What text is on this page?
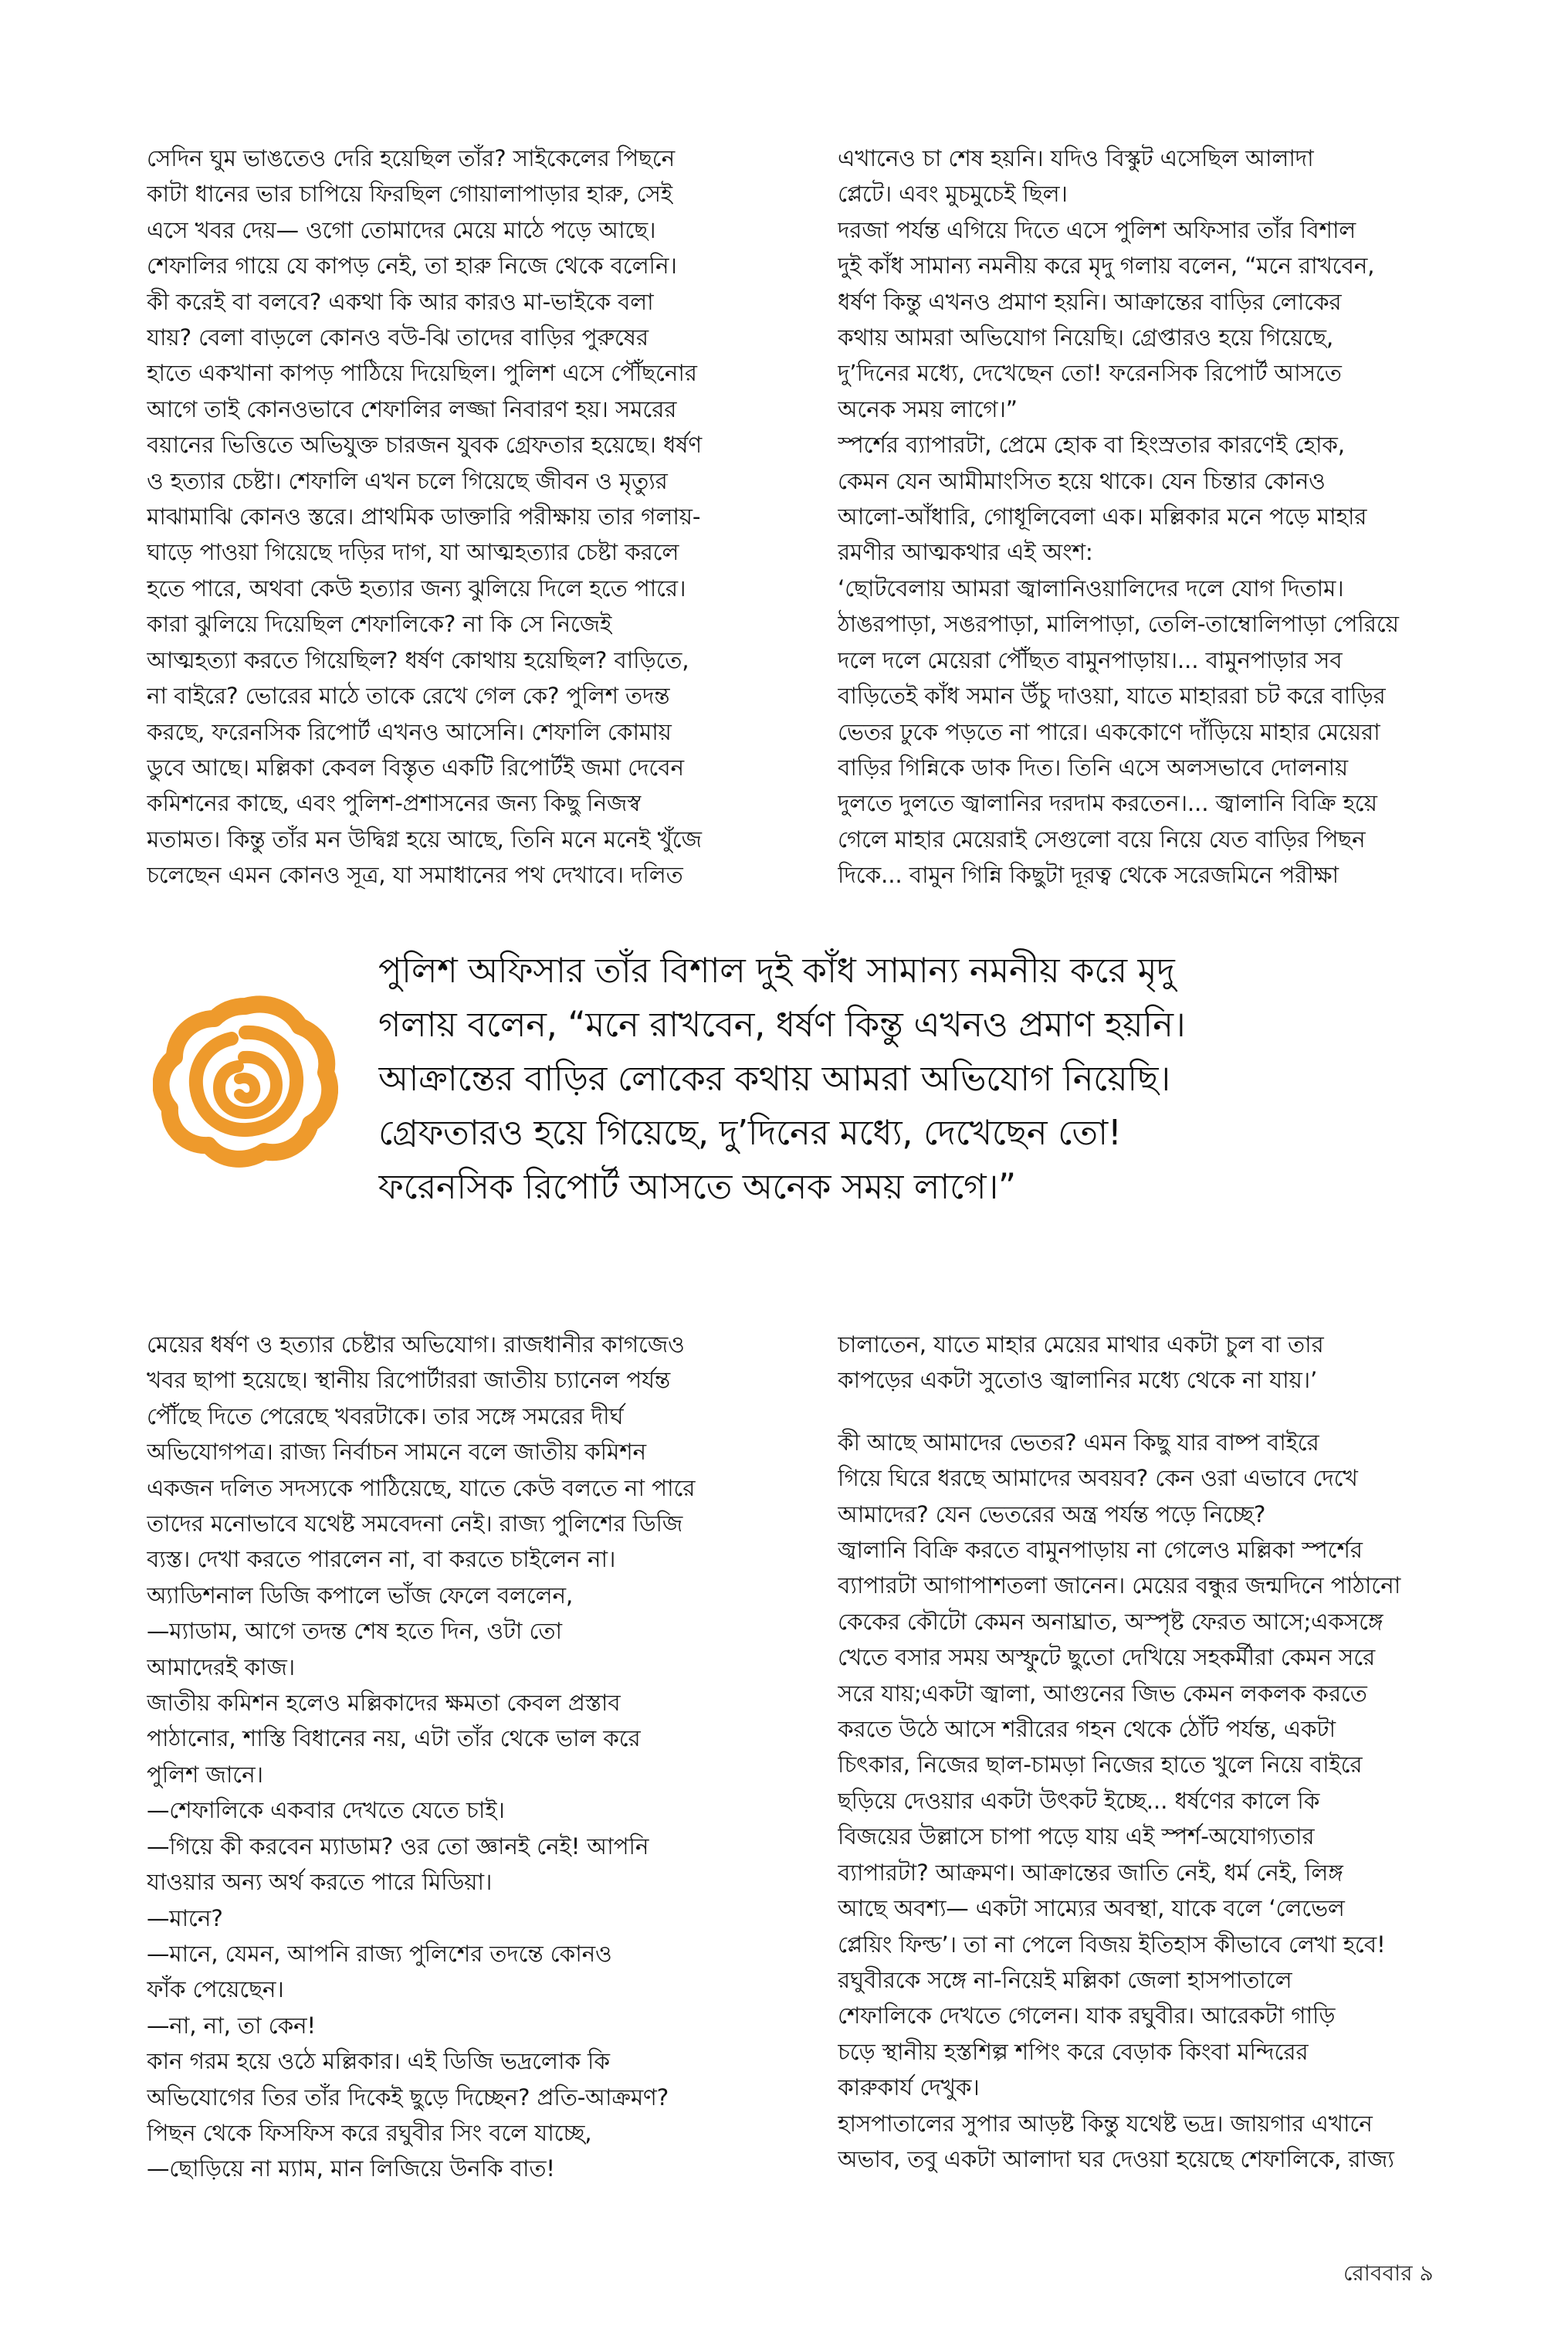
সেদিন ঘুম ভাঙতেও দেরি হয়েছিল তাঁর? সাইকেলের পিছনে

কাটা ধানের ভার চাপিয়ে ফিরছিল গোয়ালাপাড়ার হারু, সেই

এসে খবর দেয়— ওগো তোমাদের মেয়ে মাঠে পড়ে আছে।

শেফালির গায়ে যে কাপড় নেই, তা হারু নিজে থেকে বলেনি।

কী করেই বা বলবে? একথা কি আর কারও মা-ভাইকে বলা

যায়? বেলা বাড়লে কোনও বউ-ঝি তাদের বাড়ির পুরুষের

হাতে একখানা কাপড় পাঠিয়ে দিয়েছিল। পুলিশ এসে পৌঁছনোর

আগে তাই কোনওভাবে শেফালির লজ্জা নিবারণ হয়। সমরের

বয়ানের ভিত্তিতে অভিযুক্ত চারজন যুবক গ্রেফতার হয়েছে। ধর্ষণ

ও হত্যার চেষ্টা। শেফালি এখন চলে গিয়েছে জীবন ও মৃত্যুর

মাঝামাঝি কোনও স্তরে। প্রাথমিক ডাক্তারি পরীক্ষায় তার গলায়-

ঘাড়ে পাওয়া গিয়েছে দড়ির দাগ, যা আত্মহত্যার চেষ্টা করলে

হতে পারে, অথবা কেউ হত্যার জন্য ঝুলিয়ে দিলে হতে পারে।

কারা ঝুলিয়ে দিয়েছিল শেফালিকে? না কি সে নিজেই

আত্মহত্যা করতে গিয়েছিল? ধর্ষণ কোথায় হয়েছিল? বাড়িতে,

না বাইরে? ভোরের মাঠে তাকে রেখে গেল কে? পুলিশ তদন্ত

করছে, ফরেনসিক রিপোর্ট এখনও আসেনি। শেফালি কোমায়

ডুবে আছে। মল্লিকা কেবল বিস্তৃত একটি রিপোর্টই জমা দেবেন

কমিশনের কাছে, এবং পুলিশ-প্রশাসনের জন্য কিছু নিজস্ব

মতামত। কিন্তু তাঁর মন উদ্বিগ্ন হয়ে আছে, তিনি মনে মনেই খুঁজে

চলেছেন এমন কোনও সূত্র, যা সমাধানের পথ দেখাবে। দলিত

এখানেও চা শেষ হয়নি। যদিও বিস্কুট এসেছিল আলাদা

প্লেটে। এবং মুচমুচেই ছিল।

দরজা পর্যন্ত এগিয়ে দিতে এসে পুলিশ অফিসার তাঁর বিশাল

দুই কাঁধ সামান্য নমনীয় করে মৃদু গলায় বলেন, “মনে রাখবেন,

ধর্ষণ কিন্তু এখনও প্রমাণ হয়নি। আক্রান্তের বাড়ির লোকের

কথায় আমরা অভিযোগ নিয়েছি। গ্রেপ্তারও হয়ে গিয়েছে,

দু’দিনের মধ্যে, দেখেছেন তো! ফরেনসিক রিপোর্ট আসতে

অনেক সময় লাগে।”

স্পর্শের ব্যাপারটা, প্রেমে হোক বা হিংস্রতার কারণেই হোক,

কেমন যেন আমীমাংসিত হয়ে থাকে। যেন চিন্তার কোনও

আলো-আঁধারি, গোধূলিবেলা এক। মল্লিকার মনে পড়ে মাহার

রমণীর আত্মকথার এই অংশ:

‘ছোটবেলায় আমরা জ্বালানিওয়ালিদের দলে যোগ দিতাম।

ঠাঙরপাড়া, সঙরপাড়া, মালিপাড়া, তেলি-তাম্বোলিপাড়া পেরিয়ে

দলে দলে মেয়েরা পৌঁছত বামুনপাড়ায়।... বামুনপাড়ার সব

বাড়িতেই কাঁধ সমান উঁচু দাওয়া, যাতে মাহাররা চট করে বাড়ির

ভেতর ঢুকে পড়তে না পারে। এককোণে দাঁড়িয়ে মাহার মেয়েরা

বাড়ির গিন্নিকে ডাক দিত। তিনি এসে অলসভাবে দোলনায়

দুলতে দুলতে জ্বালানির দরদাম করতেন।... জ্বালানি বিক্রি হয়ে

গেলে মাহার মেয়েরাই সেগুলো বয়ে নিয়ে যেত বাড়ির পিছন

দিকে... বামুন গিন্নি কিছুটা দূরত্ব থেকে সরেজমিনে পরীক্ষা

পুলিশ অফিসার তাঁর বিশাল দুই কাঁধ সামান্য নমনীয় করে মৃদু

গলায় বলেন, “মনে রাখবেন, ধর্ষণ কিন্তু এখনও প্রমাণ হয়নি।

আক্রান্তের বাড়ির লোকের কথায় আমরা অভিযোগ নিয়েছি।

গ্রেফতারও হয়ে গিয়েছে, দু’দিনের মধ্যে, দেখেছেন তো!

ফরেনসিক রিপোর্ট আসতে অনেক সময় লাগে।”

মেয়ের ধর্ষণ ও হত্যার চেষ্টার অভিযোগ। রাজধানীর কাগজেও

খবর ছাপা হয়েছে। স্থানীয় রিপোর্টাররা জাতীয় চ্যানেল পর্যন্ত

পৌঁছে দিতে পেরেছে খবরটাকে। তার সঙ্গে সমরের দীর্ঘ

অভিযোগপত্র। রাজ্য নির্বাচন সামনে বলে জাতীয় কমিশন

একজন দলিত সদস্যকে পাঠিয়েছে, যাতে কেউ বলতে না পারে

তাদের মনোভাবে যথেষ্ট সমবেদনা নেই। রাজ্য পুলিশের ডিজি

ব্যস্ত। দেখা করতে পারলেন না, বা করতে চাইলেন না।

অ্যাডিশনাল ডিজি কপালে ভাঁজ ফেলে বললেন,

—ম্যাডাম, আগে তদন্ত শেষ হতে দিন, ওটা তো

আমাদেরই কাজ।

জাতীয় কমিশন হলেও মল্লিকাদের ক্ষমতা কেবল প্রস্তাব

পাঠানোর, শাস্তি বিধানের নয়, এটা তাঁর থেকে ভাল করে

পুলিশ জানে।

—শেফালিকে একবার দেখতে যেতে চাই।

—গিয়ে কী করবেন ম্যাডাম? ওর তো জ্ঞানই নেই! আপনি

যাওয়ার অন্য অর্থ করতে পারে মিডিয়া।

—মানে?

—মানে, যেমন, আপনি রাজ্য পুলিশের তদন্তে কোনও

ফাঁক পেয়েছেন।

—না, না, তা কেন!

কান গরম হয়ে ওঠে মল্লিকার। এই ডিজি ভদ্রলোক কি

অভিযোগের তির তাঁর দিকেই ছুড়ে দিচ্ছেন? প্রতি-আক্রমণ?

পিছন থেকে ফিসফিস করে রঘুবীর সিং বলে যাচ্ছে,

—ছোড়িয়ে না ম্যাম, মান লিজিয়ে উনকি বাত!

চালাতেন, যাতে মাহার মেয়ের মাথার একটা চুল বা তার

কাপড়ের একটা সুতোও জ্বালানির মধ্যে থেকে না যায়।’

কী আছে আমাদের ভেতর? এমন কিছু যার বাষ্প বাইরে

গিয়ে ঘিরে ধরছে আমাদের অবয়ব? কেন ওরা এভাবে দেখে

আমাদের? যেন ভেতরের অন্ত্র পর্যন্ত পড়ে নিচ্ছে?

জ্বালানি বিক্রি করতে বামুনপাড়ায় না গেলেও মল্লিকা স্পর্শের

ব্যাপারটা আগাপাশতলা জানেন। মেয়ের বন্ধুর জন্মদিনে পাঠানো

কেকের কৌটো কেমন অনাঘ্রাত, অস্পৃষ্ট ফেরত আসে;একসঙ্গে

খেতে বসার সময় অস্ফুটে ছুতো দেখিয়ে সহকর্মীরা কেমন সরে

সরে যায়;একটা জ্বালা, আগুনের জিভ কেমন লকলক করতে

করতে উঠে আসে শরীরের গহন থেকে ঠোঁট পর্যন্ত, একটা

চিৎকার, নিজের ছাল-চামড়া নিজের হাতে খুলে নিয়ে বাইরে

ছড়িয়ে দেওয়ার একটা উৎকট ইচ্ছে... ধর্ষণের কালে কি

বিজয়ের উল্লাসে চাপা পড়ে যায় এই স্পর্শ-অযোগ্যতার

ব্যাপারটা? আক্রমণ। আক্রান্তের জাতি নেই, ধর্ম নেই, লিঙ্গ

আছে অবশ্য— একটা সাম্যের অবস্থা, যাকে বলে ‘লেভেল

প্লেয়িং ফিল্ড’। তা না পেলে বিজয় ইতিহাস কীভাবে লেখা হবে!

রঘুবীরকে সঙ্গে না-নিয়েই মল্লিকা জেলা হাসপাতালে

শেফালিকে দেখতে গেলেন। যাক রঘুবীর। আরেকটা গাড়ি

চড়ে স্থানীয় হস্তশিল্প শপিং করে বেড়াক কিংবা মন্দিরের

কারুকার্য দেখুক।

হাসপাতালের সুপার আড়ষ্ট কিন্তু যথেষ্ট ভদ্র। জায়গার এখানে

অভাব, তবু একটা আলাদা ঘর দেওয়া হয়েছে শেফালিকে, রাজ্য

রোববার ৯
